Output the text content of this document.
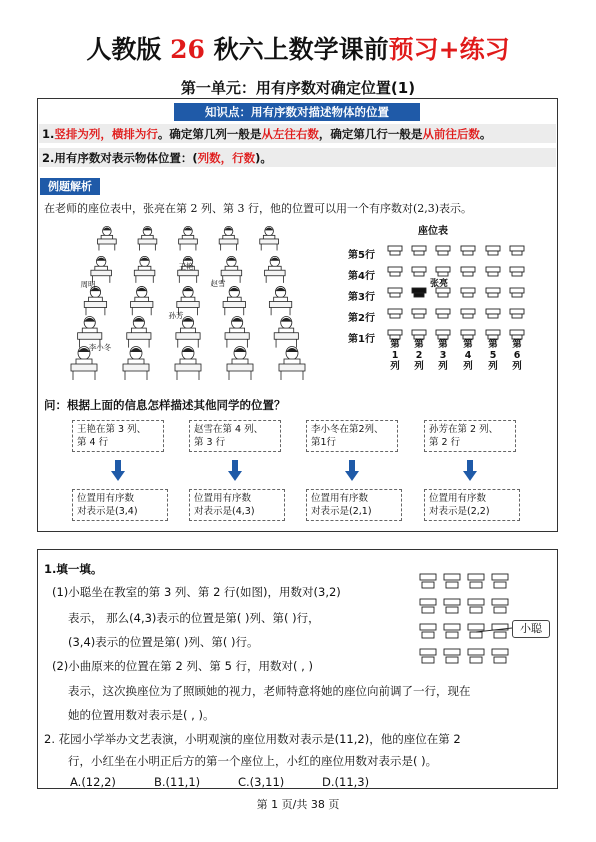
人教版 26 秋六上数学课前预习+练习
第一单元：用有序数对确定位置(1)
知识点：用有序数对描述物体的位置
1.竖排为列，横排为行。确定第几列一般是从左往右数，确定第几行一般是从前往后数。
2.用有序数对表示物体位置：(列数，行数)。
例题解析
在老师的座位表中，张亮在第 2 列、第 3 行，他的位置可以用一个有序数对(2,3)表示。
王艳
周明	赵雪
孙芳
李小冬
座位表
第5行
第4行
第3行
第2行
第1行
张亮
第
1
列
第
2
列
第
3
列
第
4
列
第
5
列
第
6
列
问：根据上面的信息怎样描述其他同学的位置？
王艳在第 3 列、
第 4 行
赵雪在第 4 列、
第 3 行
李小冬在第2列、
第1行
孙芳在第 2 列、
第 2 行
位置用有序数
对表示是(3,4)
位置用有序数
对表示是(4,3)
位置用有序数
对表示是(2,1)
位置用有序数
对表示是(2,2)
1.填一填。
(1)小聪坐在教室的第 3 列、第 2 行(如图)，用数对(3,2)
表示， 那么(4,3)表示的位置是第( )列、第( )行，
(3,4)表示的位置是第( )列、第( )行。
(2)小曲原来的位置在第 2 列、第 5 行，用数对( , )
表示，这次换座位为了照顾她的视力，老师特意将她的座位向前调了一行，现在
她的位置用数对表示是( , )。
2. 花园小学举办文艺表演，小明观演的座位用数对表示是(11,2)，他的座位在第 2
行，小红坐在小明正后方的第一个座位上，小红的座位用数对表示是( )。
A.(12,2)	B.(11,1)	C.(3,11)	D.(11,3)
小聪
第 1 页/共 38 页
